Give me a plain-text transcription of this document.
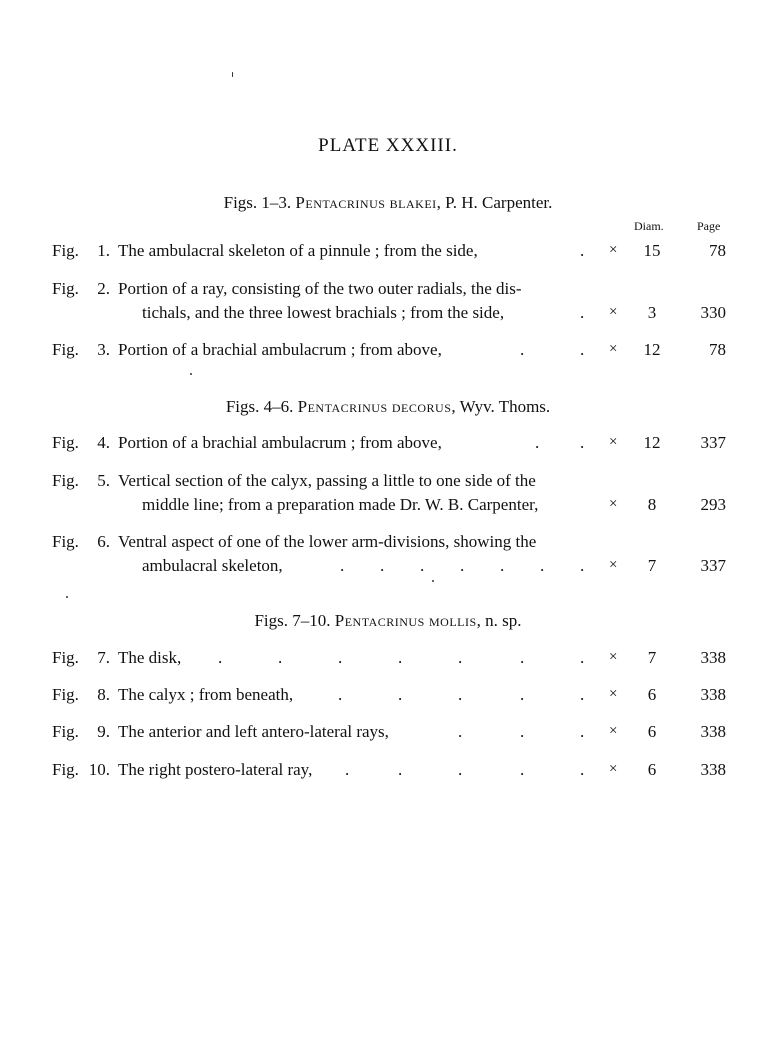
PLATE XXXIII.
Figs. 1–3. Pentacrinus blakei, P. H. Carpenter.
Diam.	Page
Fig. 1. The ambulacral skeleton of a pinnule ; from the side,	. ×	15	78
Fig. 2. Portion of a ray, consisting of the two outer radials, the dis-
tichals, and the three lowest brachials ; from the side,	. ×	3	330
Fig. 3. Portion of a brachial ambulacrum ; from above,	.	. ×	12	78
Figs. 4–6. Pentacrinus decorus, Wyv. Thoms.
Fig. 4. Portion of a brachial ambulacrum ; from above,	. . ×	12	337
Fig. 5. Vertical section of the calyx, passing a little to one side of the
middle line; from a preparation made Dr. W. B. Carpenter,	×	8	293
Fig. 6. Ventral aspect of one of the lower arm-divisions, showing the
ambulacral skeleton,	. . . . . . . ×	7	337
Figs. 7–10. Pentacrinus mollis, n. sp.
Fig. 7. The disk, .	.	.	.	.	.	. ×	7	338
Fig. 8. The calyx ; from beneath,	.	.	.	.	. ×	6	338
Fig. 9. The anterior and left antero-lateral rays,	.	.	. ×	6	338
Fig. 10. The right postero-lateral ray, .	.	.	.	. ×	6	338
